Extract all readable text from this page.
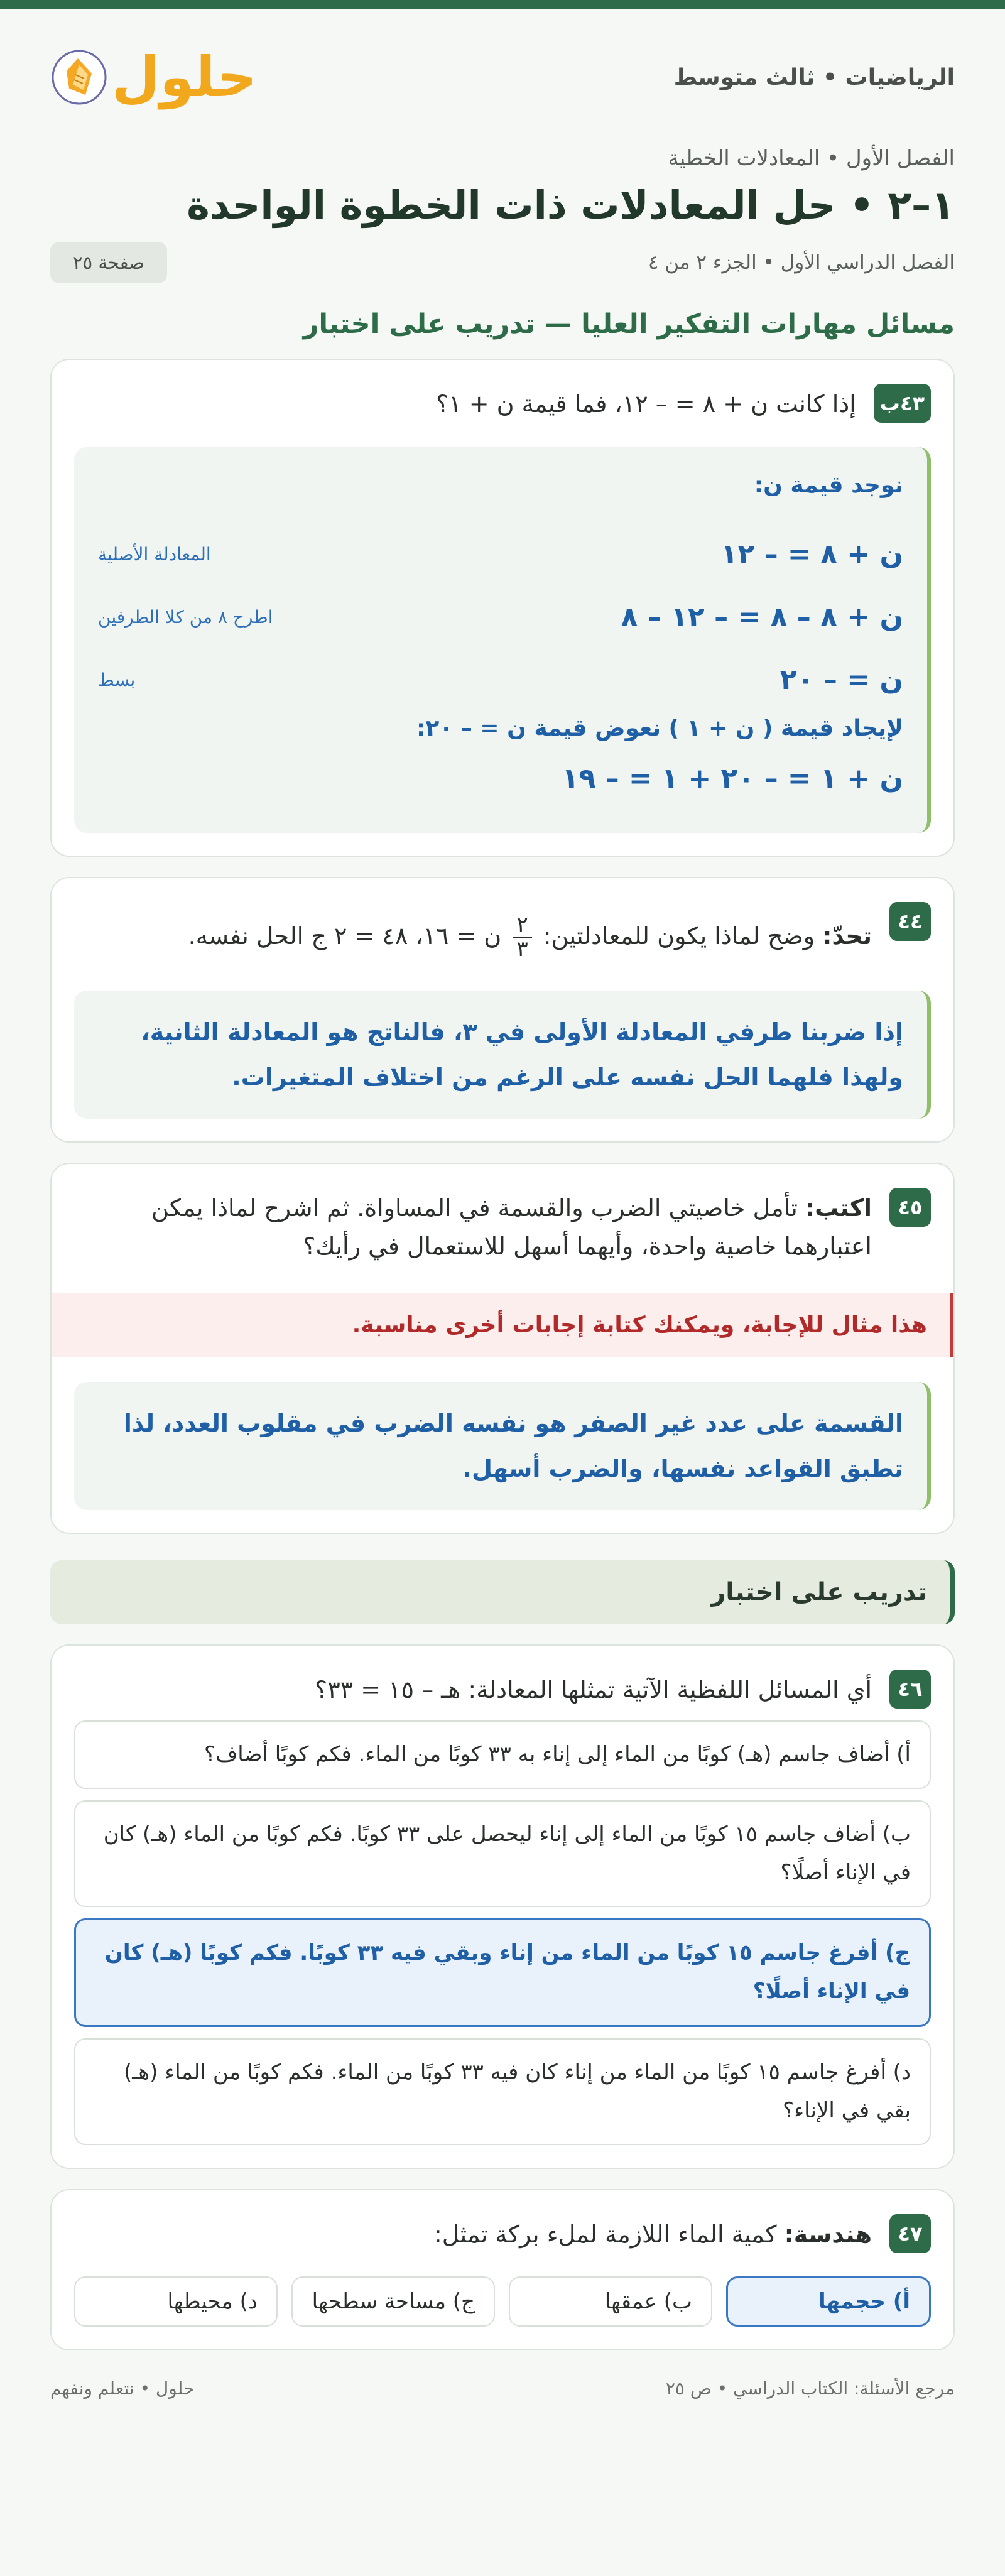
الرياضيات • ثالث متوسط
حلول
الفصل الأول • المعادلات الخطية
١–٢ • حل المعادلات ذات الخطوة الواحدة
الفصل الدراسي الأول • الجزء ٢ من ٤
صفحة ٢٥
مسائل مهارات التفكير العليا — تدريب على اختبار
٤٣ب
إذا كانت ن + ٨ = – ١٢، فما قيمة ن + ١؟
نوجد قيمة ن:
ن + ٨ = – ١٢
المعادلة الأصلية
ن + ٨ – ٨ = – ١٢ – ٨
اطرح ٨ من كلا الطرفين
ن = – ٢٠
بسط
لإيجاد قيمة ( ن + ١ ) نعوض قيمة ن = – ٢٠:
ن + ١ = – ٢٠ + ١ = – ١٩
٤٤
تحدّ: وضح لماذا يكون للمعادلتين:
$\frac{٢}{٣}$
ن = ١٦، ٤٨ = ٢ ج الحل نفسه.
إذا ضربنا طرفي المعادلة الأولى في ٣، فالناتج هو المعادلة الثانية، ولهذا فلهما الحل نفسه على الرغم من اختلاف المتغيرات.
٤٥
اكتب: تأمل خاصيتي الضرب والقسمة في المساواة. ثم اشرح لماذا يمكن اعتبارهما خاصية واحدة، وأيهما أسهل للاستعمال في رأيك؟
هذا مثال للإجابة، ويمكنك كتابة إجابات أخرى مناسبة.
القسمة على عدد غير الصفر هو نفسه الضرب في مقلوب العدد، لذا تطبق القواعد نفسها، والضرب أسهل.
تدريب على اختبار
٤٦
أي المسائل اللفظية الآتية تمثلها المعادلة: هـ – ١٥ = ٣٣؟
أ) أضاف جاسم (هـ) كوبًا من الماء إلى إناء به ٣٣ كوبًا من الماء. فكم كوبًا أضاف؟
ب) أضاف جاسم ١٥ كوبًا من الماء إلى إناء ليحصل على ٣٣ كوبًا. فكم كوبًا من الماء (هـ) كان في الإناء أصلًا؟
ج) أفرغ جاسم ١٥ كوبًا من الماء من إناء وبقي فيه ٣٣ كوبًا. فكم كوبًا (هـ) كان في الإناء أصلًا؟
د) أفرغ جاسم ١٥ كوبًا من الماء من إناء كان فيه ٣٣ كوبًا من الماء. فكم كوبًا من الماء (هـ) بقي في الإناء؟
٤٧
هندسة: كمية الماء اللازمة لملء بركة تمثل:
أ) حجمها
ب) عمقها
ج) مساحة سطحها
د) محيطها
مرجع الأسئلة: الكتاب الدراسي • ص ٢٥
حلول • نتعلم ونفهم
